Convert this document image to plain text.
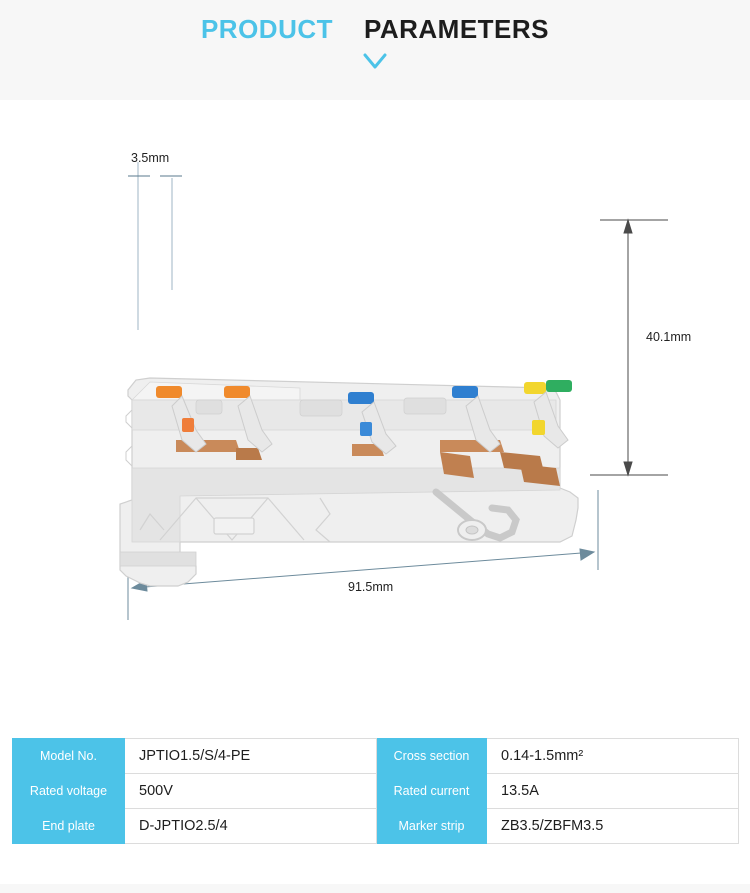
PRODUCT PARAMETERS
3.5mm
40.1mm
91.5mm
Model No.	JPTIO1.5/S/4-PE	Cross section	0.14-1.5mm²
Rated voltage	500V	Rated current	13.5A
End plate	D-JPTIO2.5/4	Marker strip	ZB3.5/ZBFM3.5
